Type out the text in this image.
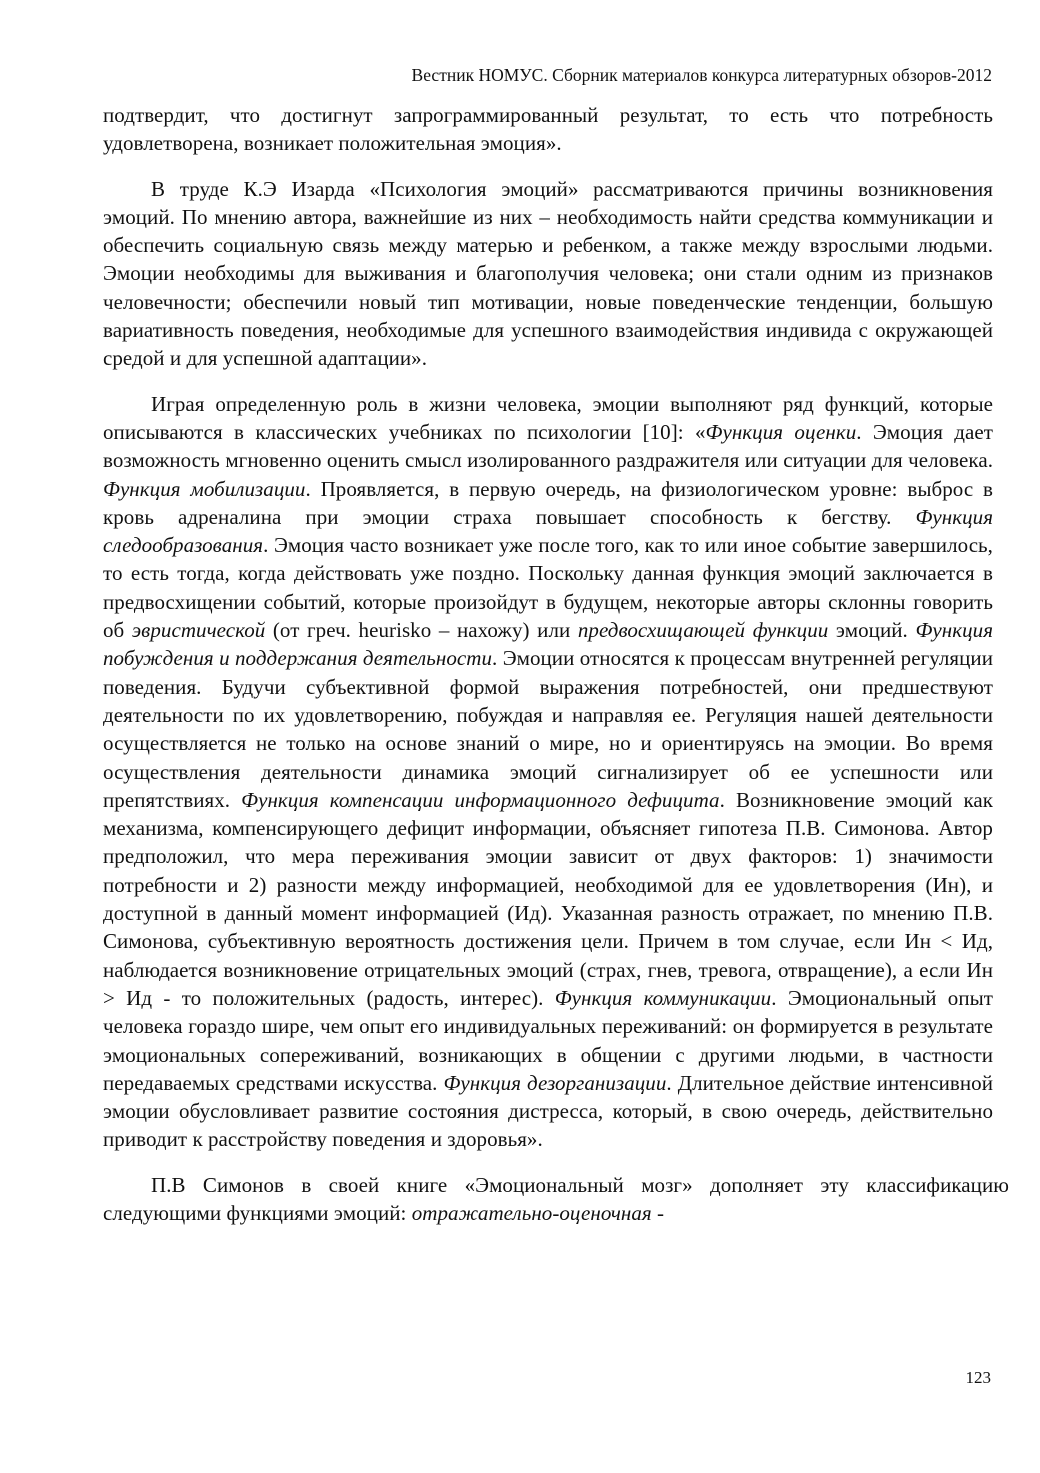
Вестник НОМУС. Сборник материалов конкурса литературных обзоров-2012

подтвердит, что достигнут запрограммированный результат, то есть что потребность удовлетворена, возникает положительная эмоция».

В труде К.Э Изарда «Психология эмоций» рассматриваются причины возникновения эмоций. По мнению автора, важнейшие из них – необходимость найти средства коммуникации и обеспечить социальную связь между матерью и ребенком, а также между взрослыми людьми. Эмоции необходимы для выживания и благополучия человека; они стали одним из признаков человечности; обеспечили новый тип мотивации, новые поведенческие тенденции, большую вариативность поведения, необходимые для успешного взаимодействия индивида с окружающей средой и для успешной адаптации».

Играя определенную роль в жизни человека, эмоции выполняют ряд функций, которые описываются в классических учебниках по психологии [10]: «Функция оценки. Эмоция дает возможность мгновенно оценить смысл изолированного раздражителя или ситуации для человека. Функция мобилизации. Проявляется, в первую очередь, на физиологическом уровне: выброс в кровь адреналина при эмоции страха повышает способность к бегству. Функция следообразования. Эмоция часто возникает уже после того, как то или иное событие завершилось, то есть тогда, когда действовать уже поздно. Поскольку данная функция эмоций заключается в предвосхищении событий, которые произойдут в будущем, некоторые авторы склонны говорить об эвристической (от греч. heurisko – нахожу) или предвосхищающей функции эмоций. Функция побуждения и поддержания деятельности. Эмоции относятся к процессам внутренней регуляции поведения. Будучи субъективной формой выражения потребностей, они предшествуют деятельности по их удовлетворению, побуждая и направляя ее. Регуляция нашей деятельности осуществляется не только на основе знаний о мире, но и ориентируясь на эмоции. Во время осуществления деятельности динамика эмоций сигнализирует об ее успешности или препятствиях. Функция компенсации информационного дефицита. Возникновение эмоций как механизма, компенсирующего дефицит информации, объясняет гипотеза П.В. Симонова. Автор предположил, что мера переживания эмоции зависит от двух факторов: 1) значимости потребности и 2) разности между информацией, необходимой для ее удовлетворения (Ин), и доступной в данный момент информацией (Ид). Указанная разность отражает, по мнению П.В. Симонова, субъективную вероятность достижения цели. Причем в том случае, если Ин < Ид, наблюдается возникновение отрицательных эмоций (страх, гнев, тревога, отвращение), а если Ин > Ид - то положительных (радость, интерес). Функция коммуникации. Эмоциональный опыт человека гораздо шире, чем опыт его индивидуальных переживаний: он формируется в результате эмоциональных сопереживаний, возникающих в общении с другими людьми, в частности передаваемых средствами искусства. Функция дезорганизации. Длительное действие интенсивной эмоции обусловливает развитие состояния дистресса, который, в свою очередь, действительно приводит к расстройству поведения и здоровья».

П.В Симонов в своей книге «Эмоциональный мозг» дополняет эту классификацию следующими функциями эмоций: отражательно-оценочная -

123
